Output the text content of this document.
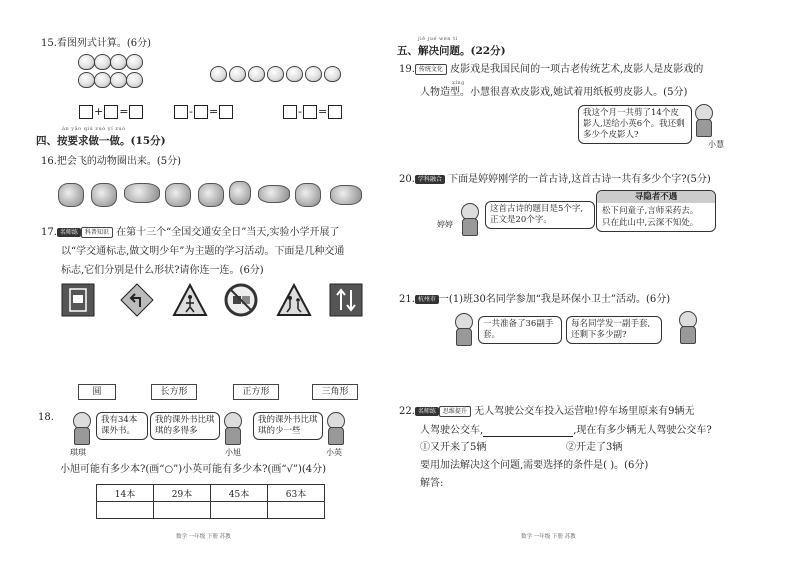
15.看图列式计算。(6分)
+ =	- =	- =
àn yāo qiú zuò yí zuò
四、按要求做一做。(15分)
16.把会飞的动物圈出来。(5分)
17. 名师练 科普知识 在第十三个“全国交通安全日”当天,实验小学开展了
以“学交通标志,做文明少年”为主题的学习活动。下面是几种交通
标志,它们分别是什么形状?请你连一连。(6分)
圆	长方形	正方形	三角形
18.	我有34本课外书。
琪琪
我的课外书比琪琪的多得多
小旭
我的课外书比琪琪的少一些
小英
小旭可能有多少本?(画“○”)小英可能有多少本?(画“√”)(4分)
14本	29本	45本	63本

数学 一年级 下册 苏教
jiě jué wèn tí
五、解决问题。(22分)
19. 传统文化 皮影戏是我国民间的一项古老传统艺术,皮影人是皮影戏的
xíng
人物造型。小慧很喜欢皮影戏,她试着用纸板剪皮影人。(5分)
我这个月一共剪了14个皮影人,送给小英6个。我还剩多少个皮影人?
小慧
20. 学科融合 下面是婷婷刚学的一首古诗,这首古诗一共有多少个字?(5分)
婷婷
这首古诗的题目是5个字,正文是20个字。
寻隐者不遇
松下问童子,言师采药去。
只在此山中,云深不知处。
21. 杭州市 一(1)班30名同学参加“我是环保小卫士”活动。(6分)
一共准备了36副手套。
每名同学发一副手套,还剩下多少副?
22. 名师练 思维提升 无人驾驶公交车投入运营啦!停车场里原来有9辆无
人驾驶公交车,	,现在有多少辆无人驾驶公交车?
①又开来了5辆	②开走了3辆
要用加法解决这个问题,需要选择的条件是( )。(6分)
解答:
数学 一年级 下册 苏教
